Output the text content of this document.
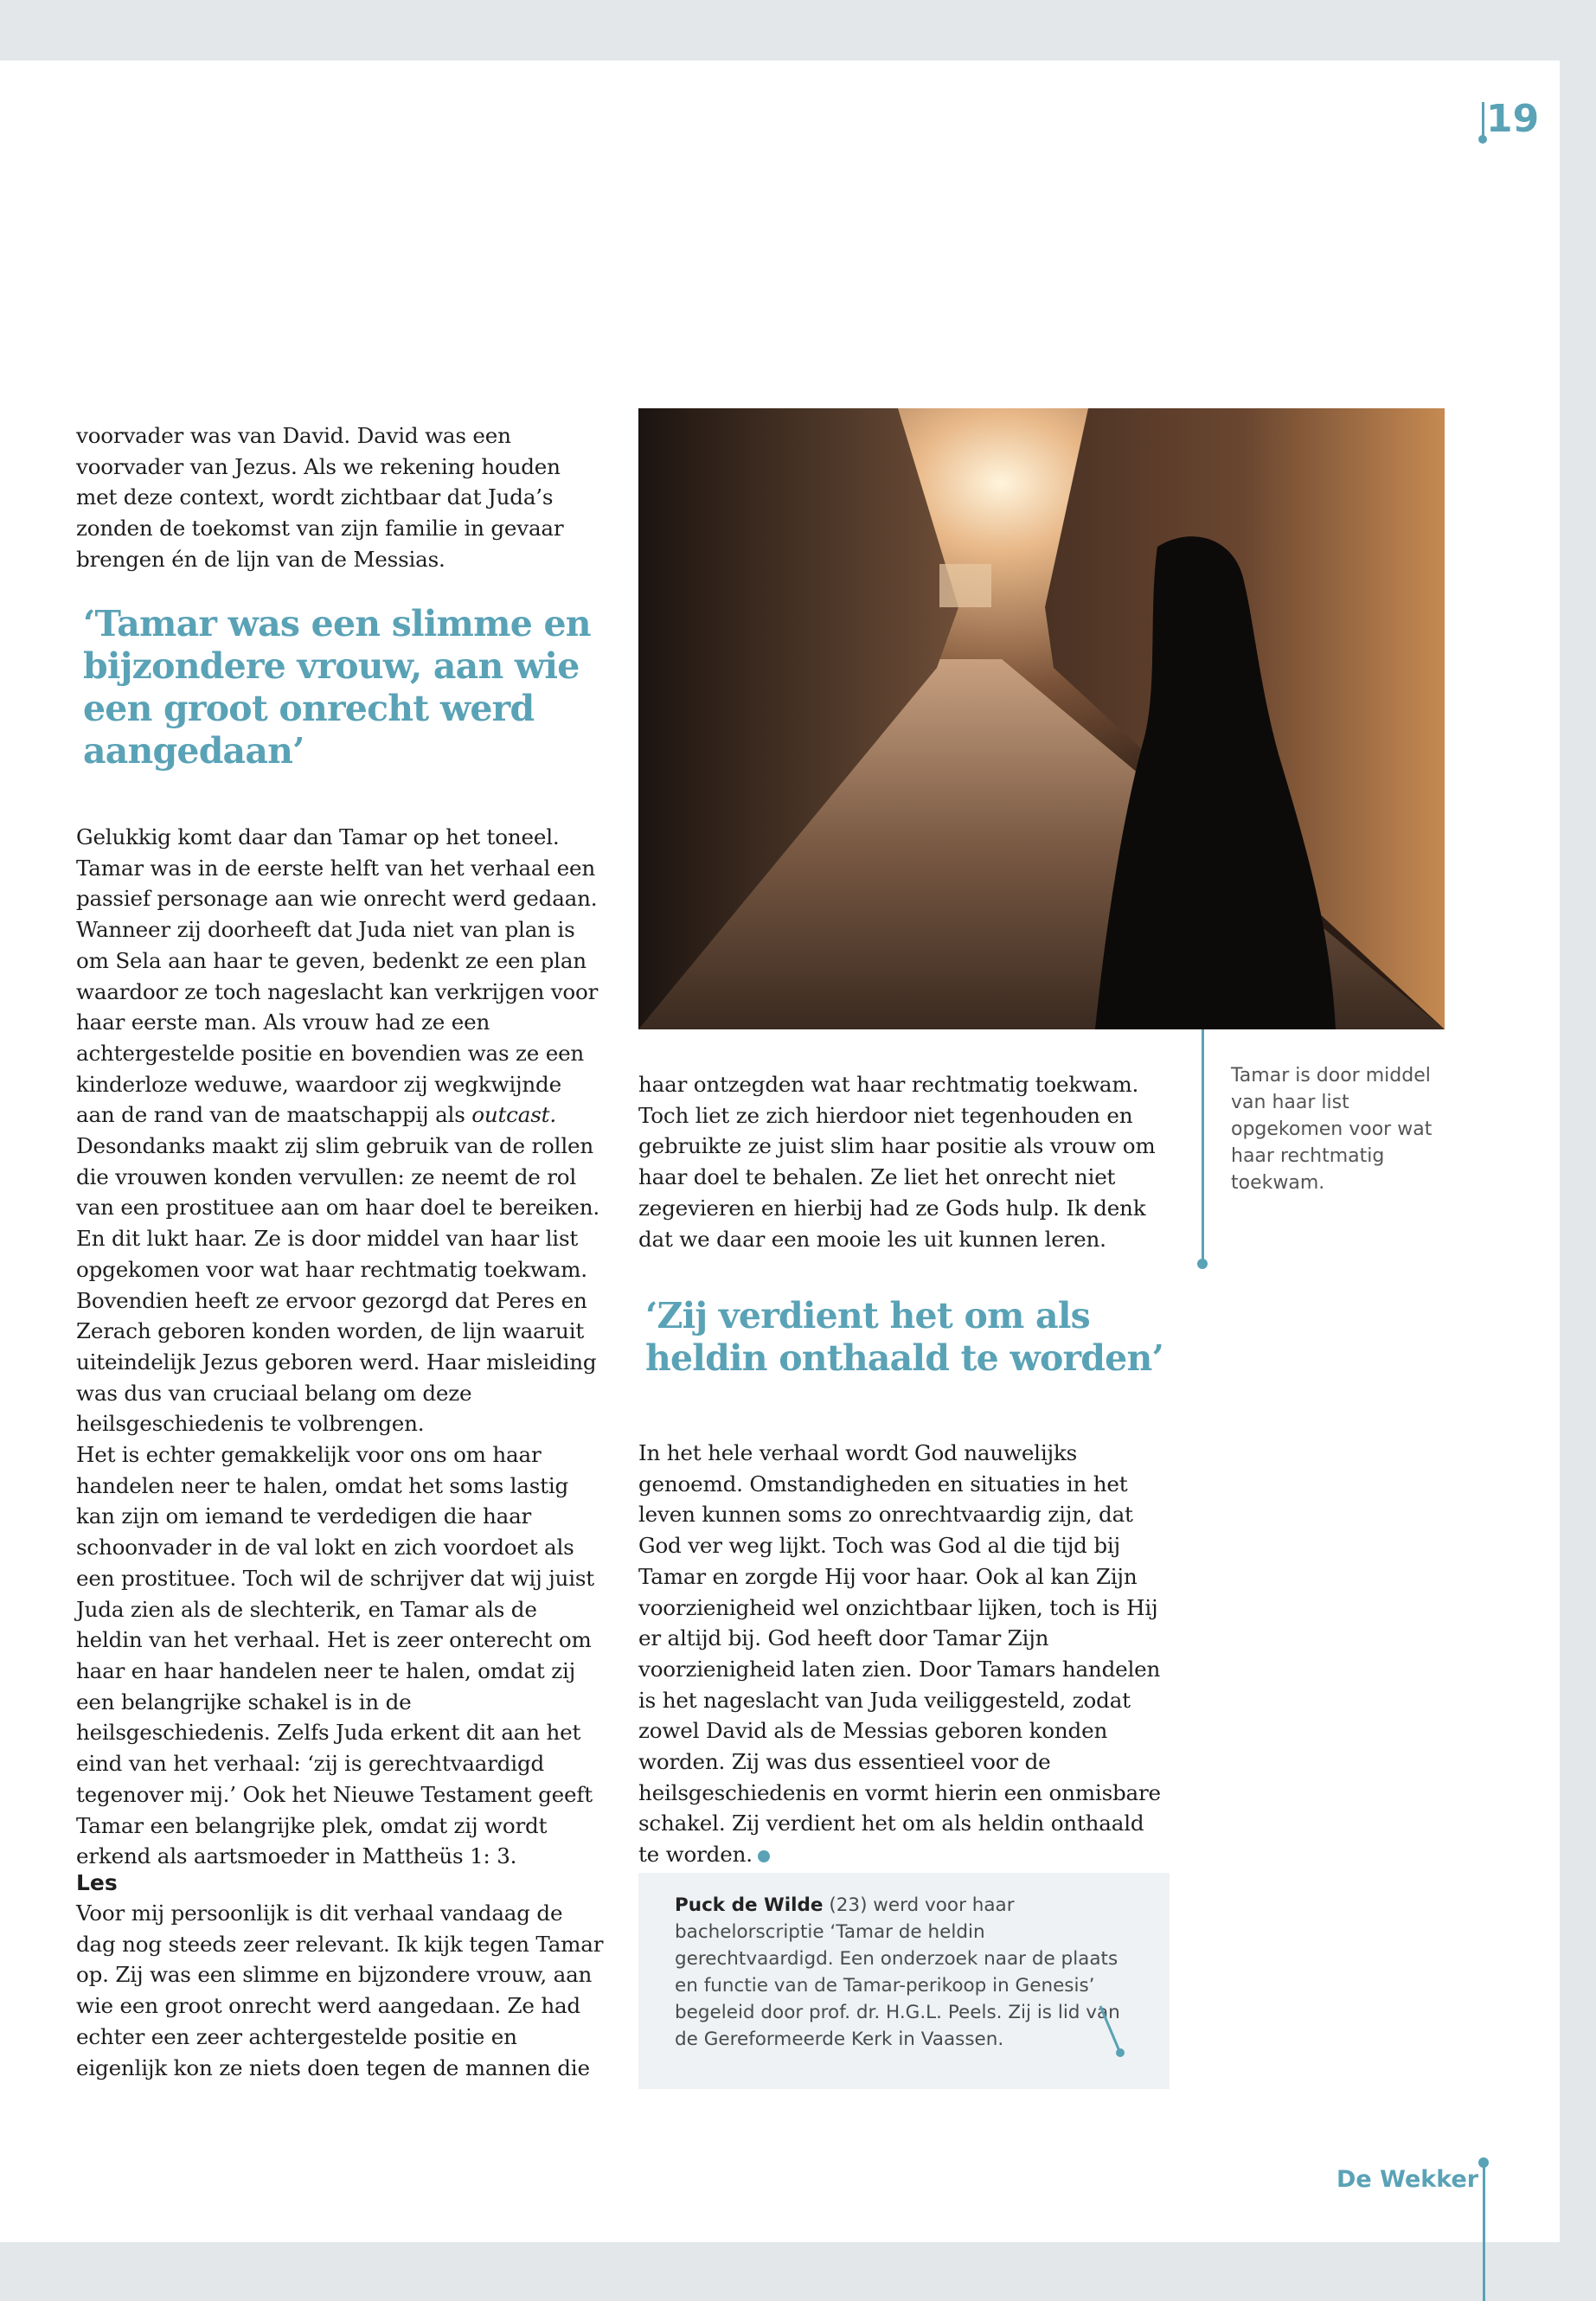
19

voorvader was van David. David was een voorvader van Jezus. Als we rekening houden met deze context, wordt zichtbaar dat Juda’s zonden de toekomst van zijn familie in gevaar brengen én de lijn van de Messias.

‘Tamar was een slimme en bijzondere vrouw, aan wie een groot onrecht werd aangedaan’

Gelukkig komt daar dan Tamar op het toneel. Tamar was in de eerste helft van het verhaal een passief personage aan wie onrecht werd gedaan. Wanneer zij doorheeft dat Juda niet van plan is om Sela aan haar te geven, bedenkt ze een plan waardoor ze toch nageslacht kan verkrijgen voor haar eerste man. Als vrouw had ze een achtergestelde positie en bovendien was ze een kinderloze weduwe, waardoor zij wegkwijnde aan de rand van de maatschappij als outcast. Desondanks maakt zij slim gebruik van de rollen die vrouwen konden vervullen: ze neemt de rol van een prostituee aan om haar doel te bereiken. En dit lukt haar. Ze is door middel van haar list opgekomen voor wat haar rechtmatig toekwam. Bovendien heeft ze ervoor gezorgd dat Peres en Zerach geboren konden worden, de lijn waaruit uiteindelijk Jezus geboren werd. Haar misleiding was dus van cruciaal belang om deze heilsgeschiedenis te volbrengen.

Het is echter gemakkelijk voor ons om haar handelen neer te halen, omdat het soms lastig kan zijn om iemand te verdedigen die haar schoonvader in de val lokt en zich voordoet als een prostituee. Toch wil de schrijver dat wij juist Juda zien als de slechterik, en Tamar als de heldin van het verhaal. Het is zeer onterecht om haar en haar handelen neer te halen, omdat zij een belangrijke schakel is in de heilsgeschiedenis. Zelfs Juda erkent dit aan het eind van het verhaal: ‘zij is gerechtvaardigd tegenover mij.’ Ook het Nieuwe Testament geeft Tamar een belangrijke plek, omdat zij wordt erkend als aartsmoeder in Mattheüs 1: 3.

Les

Voor mij persoonlijk is dit verhaal vandaag de dag nog steeds zeer relevant. Ik kijk tegen Tamar op. Zij was een slimme en bijzondere vrouw, aan wie een groot onrecht werd aangedaan. Ze had echter een zeer achtergestelde positie en eigenlijk kon ze niets doen tegen de mannen die

haar ontzegden wat haar rechtmatig toekwam. Toch liet ze zich hierdoor niet tegenhouden en gebruikte ze juist slim haar positie als vrouw om haar doel te behalen. Ze liet het onrecht niet zegevieren en hierbij had ze Gods hulp. Ik denk dat we daar een mooie les uit kunnen leren.

‘Zij verdient het om als heldin onthaald te worden’

In het hele verhaal wordt God nauwelijks genoemd. Omstandigheden en situaties in het leven kunnen soms zo onrechtvaardig zijn, dat God ver weg lijkt. Toch was God al die tijd bij Tamar en zorgde Hij voor haar. Ook al kan Zijn voorzienigheid wel onzichtbaar lijken, toch is Hij er altijd bij. God heeft door Tamar Zijn voorzienigheid laten zien. Door Tamars handelen is het nageslacht van Juda veiliggesteld, zodat zowel David als de Messias geboren konden worden. Zij was dus essentieel voor de heilsgeschiedenis en vormt hierin een onmisbare schakel. Zij verdient het om als heldin onthaald te worden.

Tamar is door middel van haar list opgekomen voor wat haar rechtmatig toekwam.
Puck de Wilde (23) werd voor haar bachelorscriptie ‘Tamar de heldin gerechtvaardigd. Een onderzoek naar de plaats en functie van de Tamar-perikoop in Genesis’ begeleid door prof. dr. H.G.L. Peels. Zij is lid van de Gereformeerde Kerk in Vaassen.
De Wekker
